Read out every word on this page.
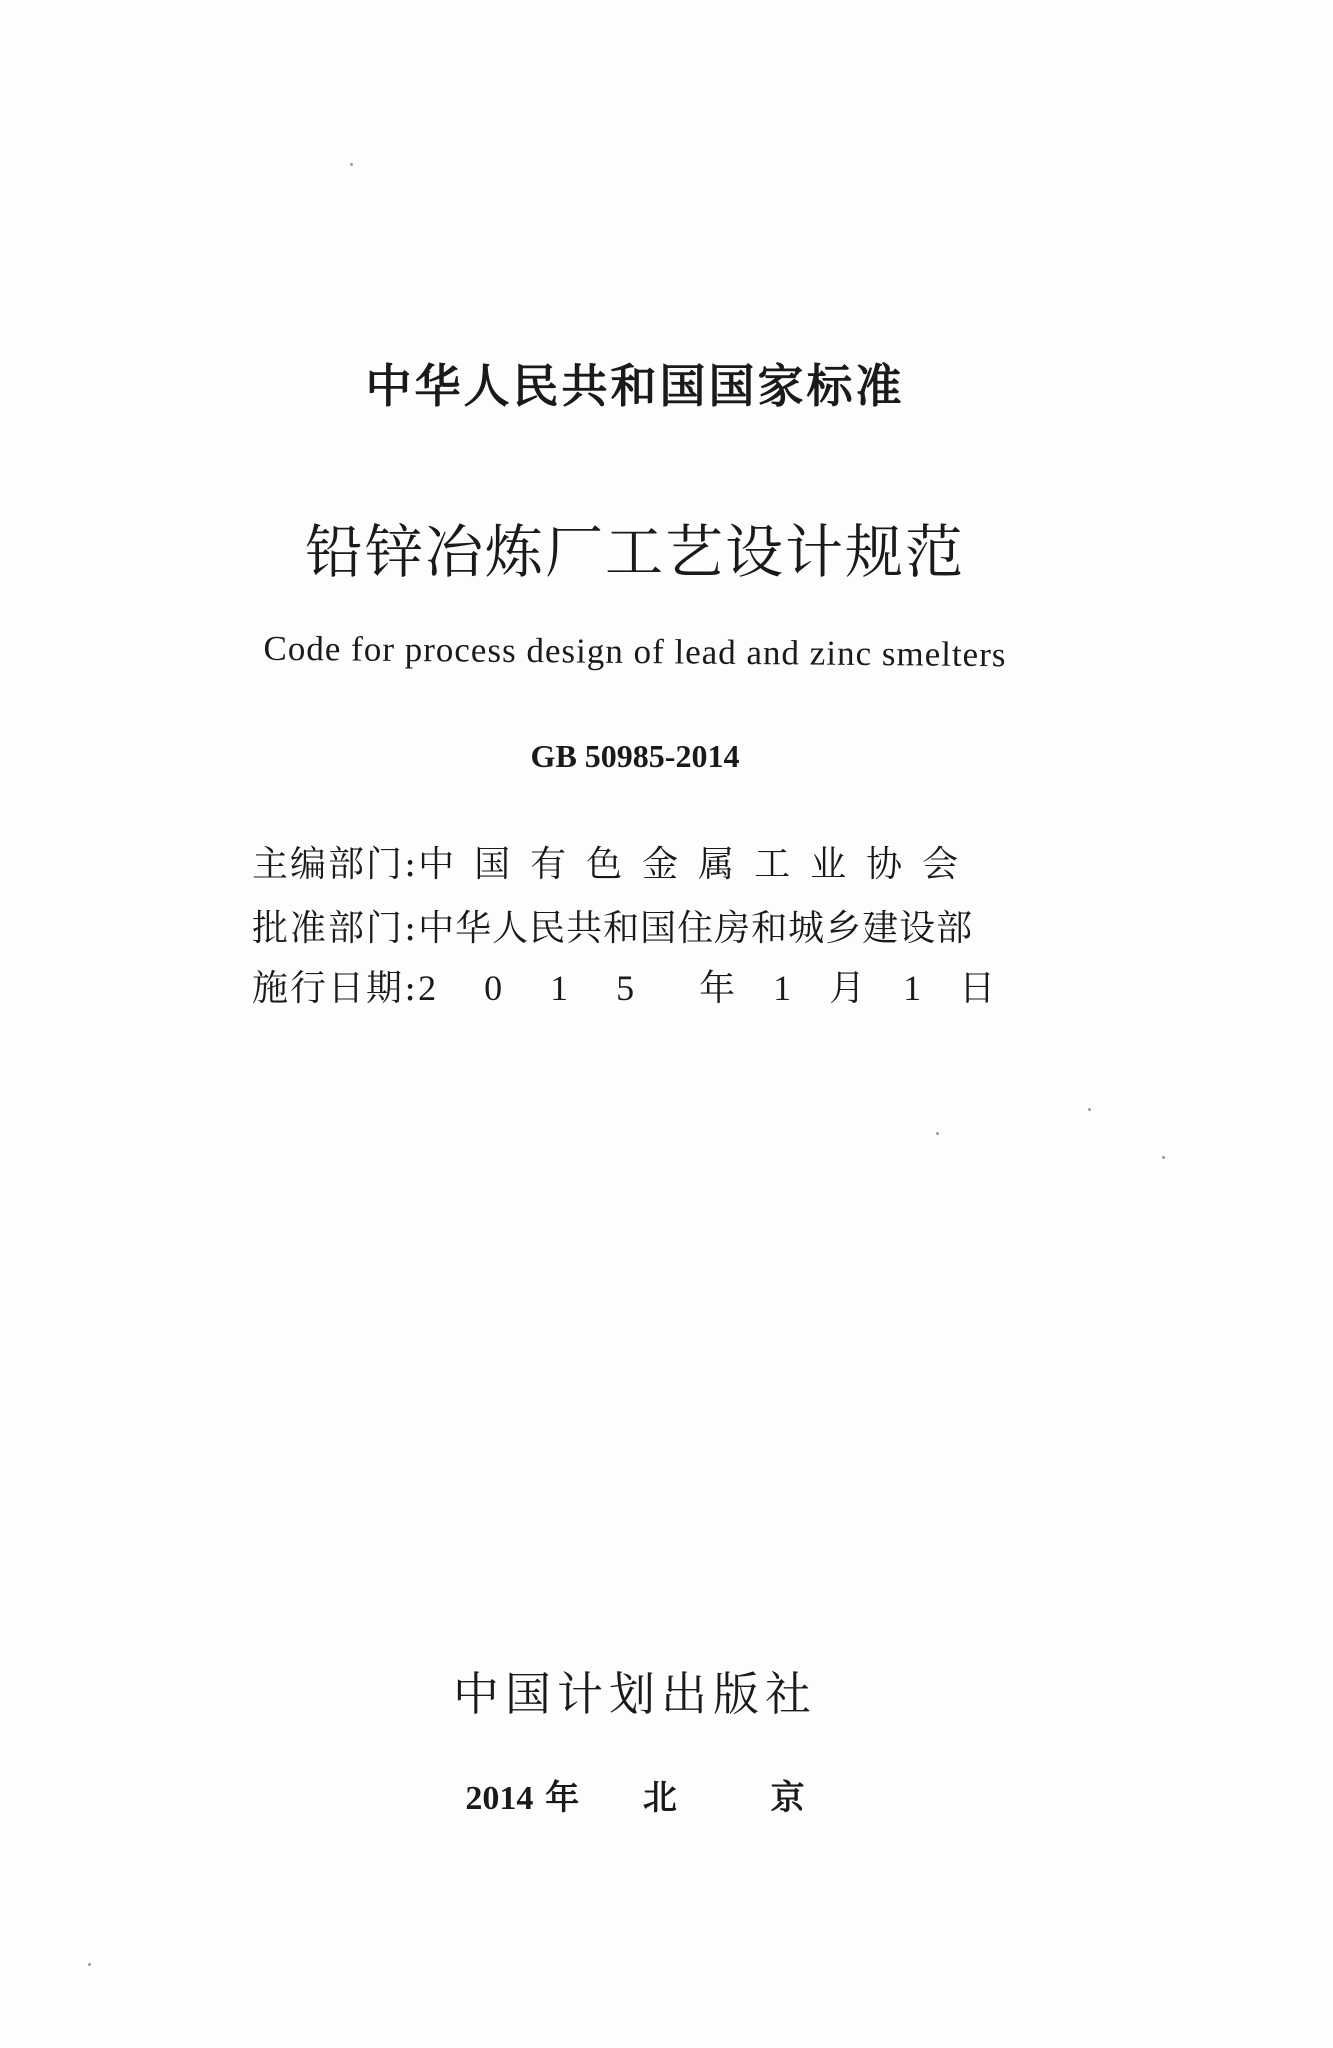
中华人民共和国国家标准
铅锌冶炼厂工艺设计规范
Code for process design of lead and zinc smelters
GB 50985-2014
主编部门:中国有色金属工业协会
批准部门:中华人民共和国住房和城乡建设部
施行日期:2015 年 1 月 1 日
中国计划出版社
2014 年 北	京
